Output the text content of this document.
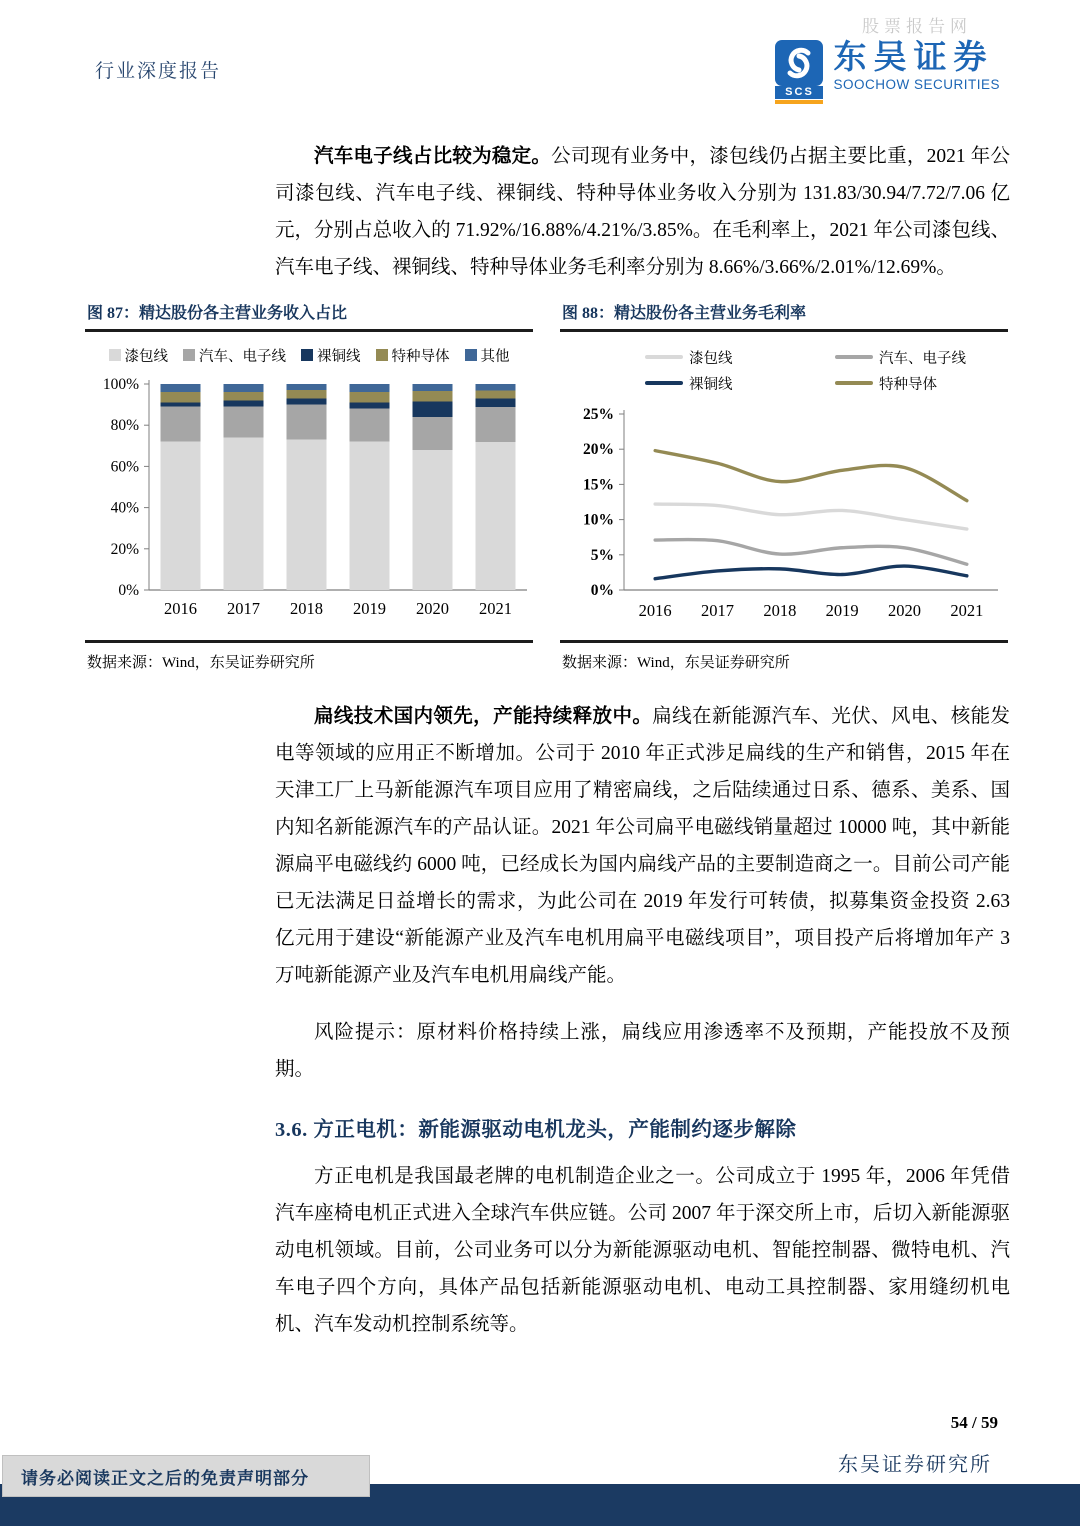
股票报告网
行业深度报告
SCS
东吴证券
SOOCHOW SECURITIES

汽车电子线占比较为稳定。公司现有业务中，漆包线仍占据主要比重，2021 年公司漆包线、汽车电子线、裸铜线、特种导体业务收入分别为 131.83/30.94/7.72/7.06 亿元，分别占总收入的 71.92%/16.88%/4.21%/3.85%。在毛利率上，2021 年公司漆包线、汽车电子线、裸铜线、特种导体业务毛利率分别为 8.66%/3.66%/2.01%/12.69%。

图 87：精达股份各主营业务收入占比
漆包线 汽车、电子线 裸铜线 特种导体 其他
0%
20%
40%
60%
80%
100%
2016 2017 2018 2019 2020 2021
数据来源：Wind，东吴证券研究所
图 88：精达股份各主营业务毛利率
漆包线	汽车、电子线
裸铜线	特种导体
0%
5%
10%
15%
20%
25%
2016 2017 2018 2019 2020 2021
数据来源：Wind，东吴证券研究所

扁线技术国内领先，产能持续释放中。扁线在新能源汽车、光伏、风电、核能发电等领域的应用正不断增加。公司于 2010 年正式涉足扁线的生产和销售，2015 年在天津工厂上马新能源汽车项目应用了精密扁线，之后陆续通过日系、德系、美系、国内知名新能源汽车的产品认证。2021 年公司扁平电磁线销量超过 10000 吨，其中新能源扁平电磁线约 6000 吨，已经成长为国内扁线产品的主要制造商之一。目前公司产能已无法满足日益增长的需求，为此公司在 2019 年发行可转债，拟募集资金投资 2.63 亿元用于建设“新能源产业及汽车电机用扁平电磁线项目”，项目投产后将增加年产 3 万吨新能源产业及汽车电机用扁线产能。

风险提示：原材料价格持续上涨，扁线应用渗透率不及预期，产能投放不及预期。

3.6. 方正电机：新能源驱动电机龙头，产能制约逐步解除

方正电机是我国最老牌的电机制造企业之一。公司成立于 1995 年，2006 年凭借汽车座椅电机正式进入全球汽车供应链。公司 2007 年于深交所上市，后切入新能源驱动电机领域。目前，公司业务可以分为新能源驱动电机、智能控制器、微特电机、汽车电子四个方向，具体产品包括新能源驱动电机、电动工具控制器、家用缝纫机电机、汽车发动机控制系统等。

54 / 59
东吴证券研究所
请务必阅读正文之后的免责声明部分
